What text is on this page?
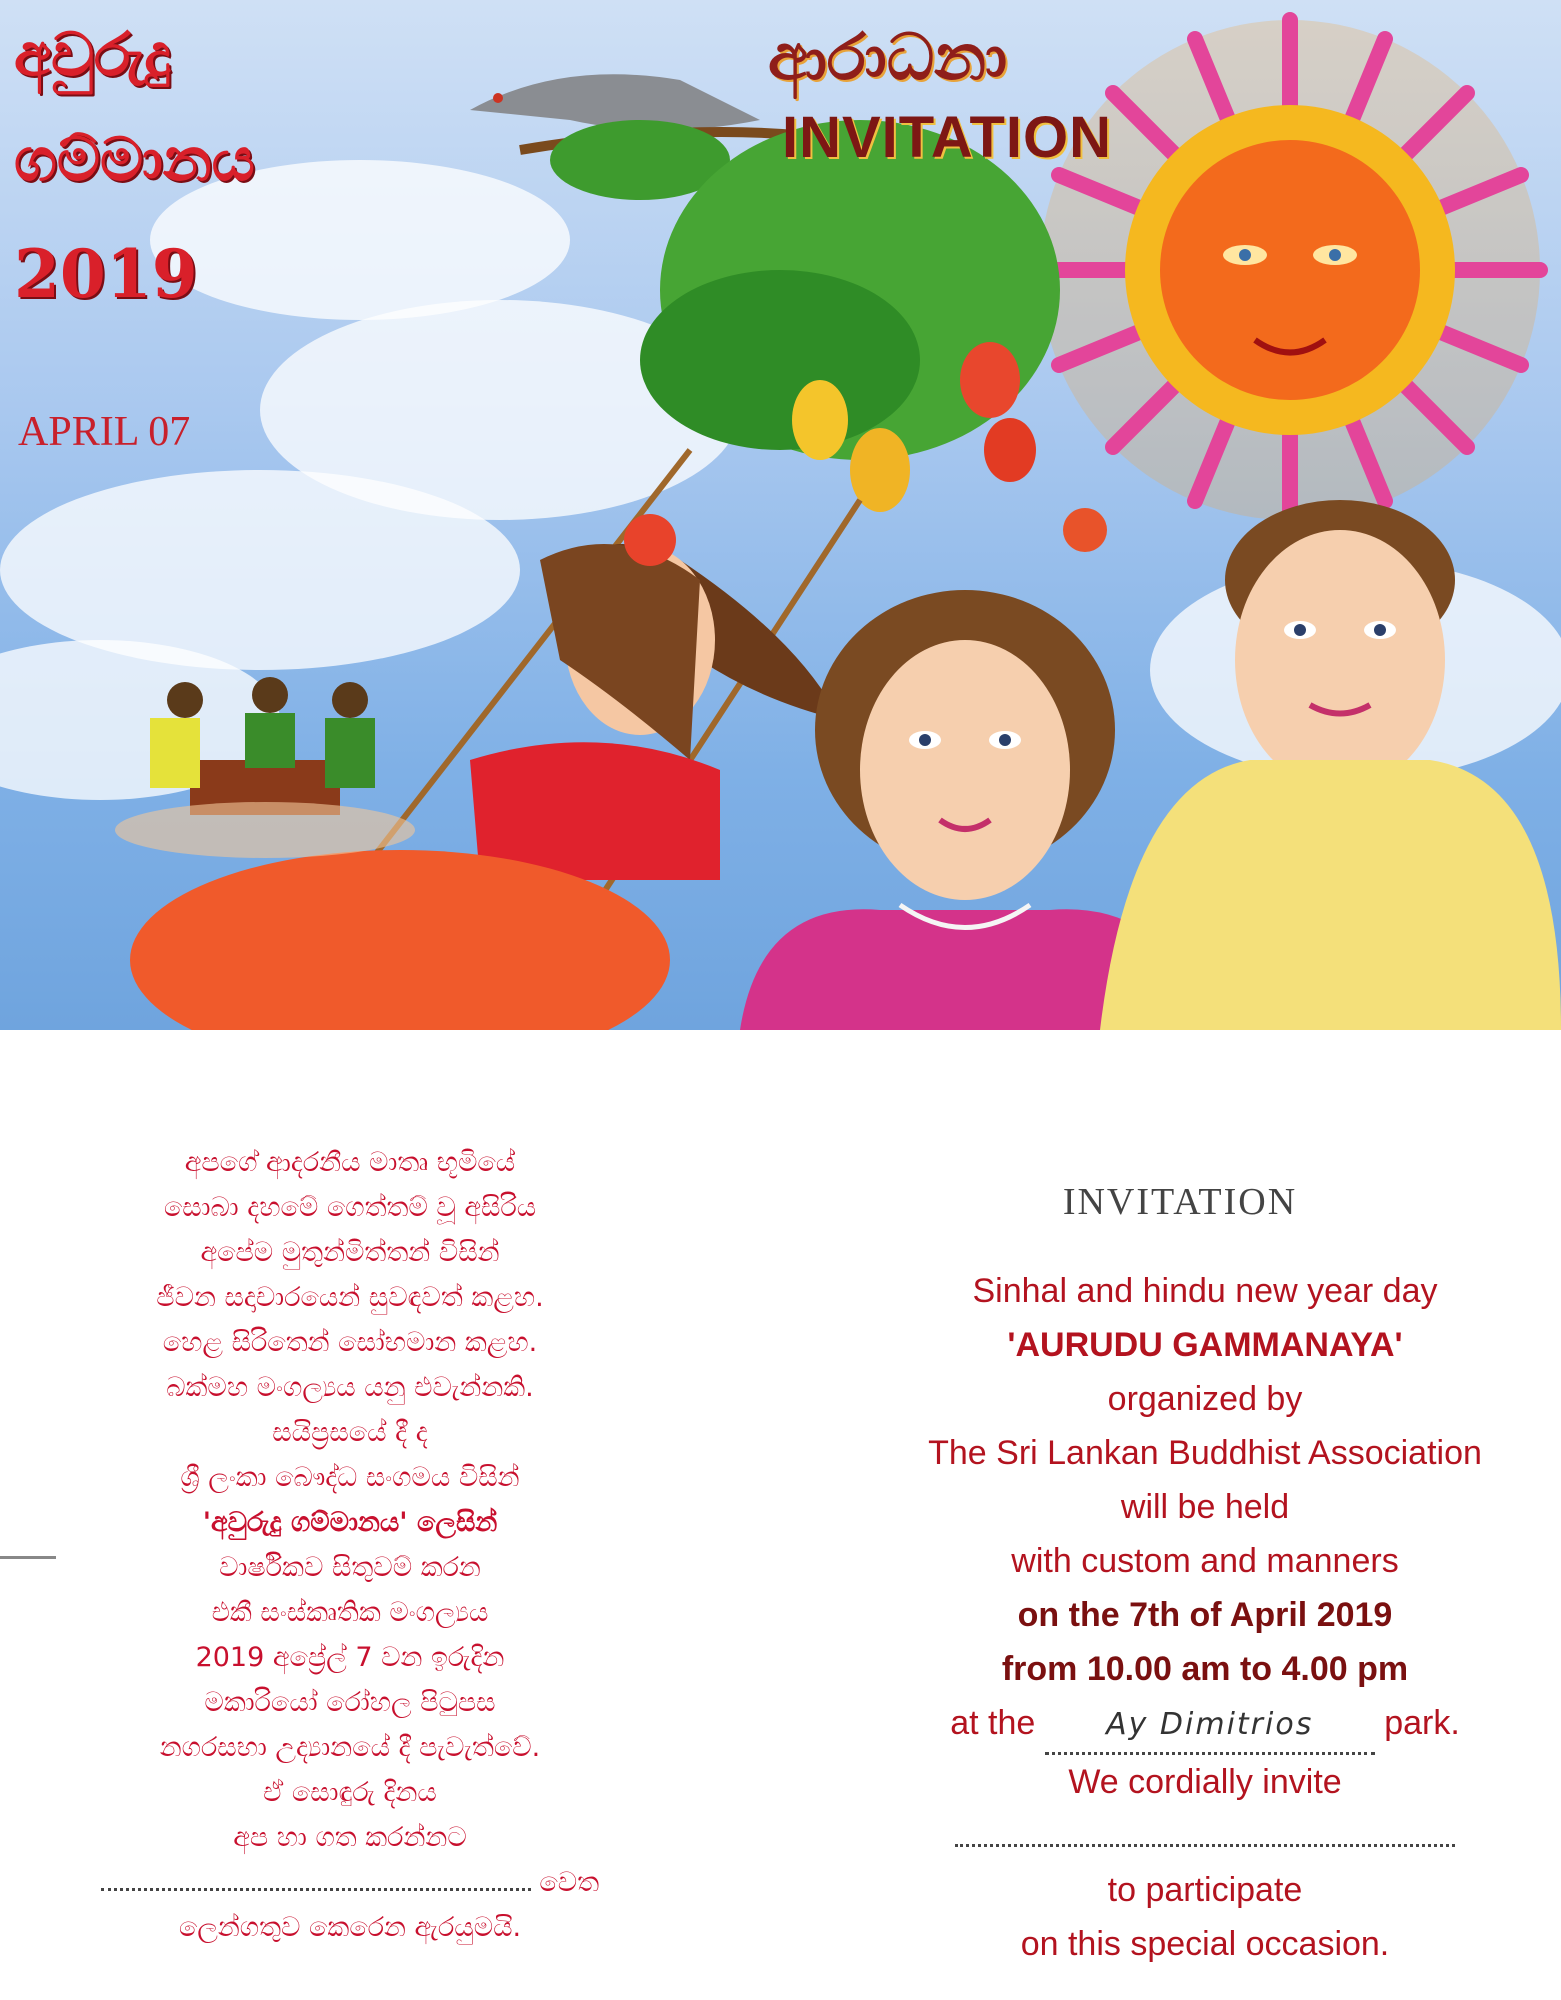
අවුරුදු
ගම්මානය
2019
APRIL 07
ආරාධනා
INVITATION
අපගේ ආදරනීය මාතෘ භූමියේ
සොබා දහමේ ගෙත්තම් වූ අසිරිය
අපේම මුතුන්මිත්තන් විසින්
ජීවන සදාචාරයෙන් සුවඳවත් කළහ.
හෙළ සිරිතෙන් සෝභමාන කළහ.
බක්මහ මංගල්‍යය යනු එවැන්නකි.
සයිප්‍රසයේ දී ද
ශ්‍රී ලංකා බෞද්ධ සංගමය විසින්
'අවුරුදු ගම්මානය' ලෙසින්
වාර්ෂිකව සිතුවම් කරන
එකී සංස්කෘතික මංගල්‍යය
2019 අප්‍රේල් 7 වන ඉරුදින
මකාරියෝ රෝහල පිටුපස
නගරසභා උද්‍යානයේ දී පැවැත්වේ.
ඒ සොඳුරු දිනය
අප හා ගත කරන්නට
වෙත
ලෙන්ගතුව කෙරෙන ඇරයුමයි.
INVITATION
Sinhal and hindu new year day
'AURUDU GAMMANAYA'
organized by
The Sri Lankan Buddhist Association
will be held
with custom and manners
on the 7th of April 2019
from 10.00 am to 4.00 pm
at the Ay Dimitrios park.
We cordially invite
to participate
on this special occasion.
